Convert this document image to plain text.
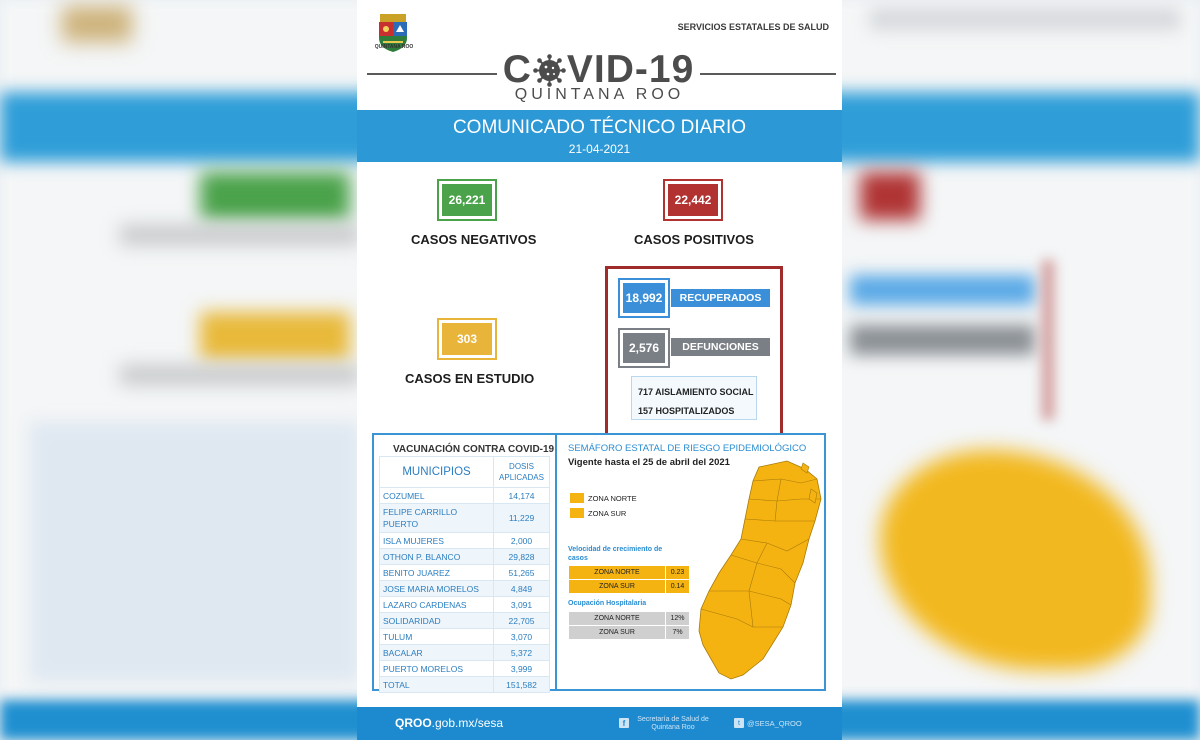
QUINTANA ROO
SERVICIOS ESTATALES DE SALUD
C VID-19
QUINTANA ROO
COMUNICADO TÉCNICO DIARIO
21-04-2021
26,221
CASOS NEGATIVOS
22,442
CASOS POSITIVOS
303
CASOS EN ESTUDIO
18,992	RECUPERADOS
2,576	DEFUNCIONES
717 AISLAMIENTO SOCIAL
157 HOSPITALIZADOS
VACUNACIÓN CONTRA COVID-19
MUNICIPIOS	DOSIS
APLICADAS
COZUMEL	14,174
FELIPE CARRILLO PUERTO	11,229
ISLA MUJERES	2,000
OTHON P. BLANCO	29,828
BENITO JUAREZ	51,265
JOSE MARIA MORELOS	4,849
LAZARO CARDENAS	3,091
SOLIDARIDAD	22,705
TULUM	3,070
BACALAR	5,372
PUERTO MORELOS	3,999
TOTAL	151,582
SEMÁFORO ESTATAL DE RIESGO EPIDEMIOLÓGICO
Vigente hasta el 25 de abril del 2021
ZONA NORTE
ZONA SUR
Velocidad de crecimiento de casos
ZONA NORTE	0.23
ZONA SUR	0.14
Ocupación Hospitalaria
ZONA NORTE	12%
ZONA SUR	7%
QROO.gob.mx/sesa	f	Secretaría de Salud de Quintana Roo
t @SESA_QROO
